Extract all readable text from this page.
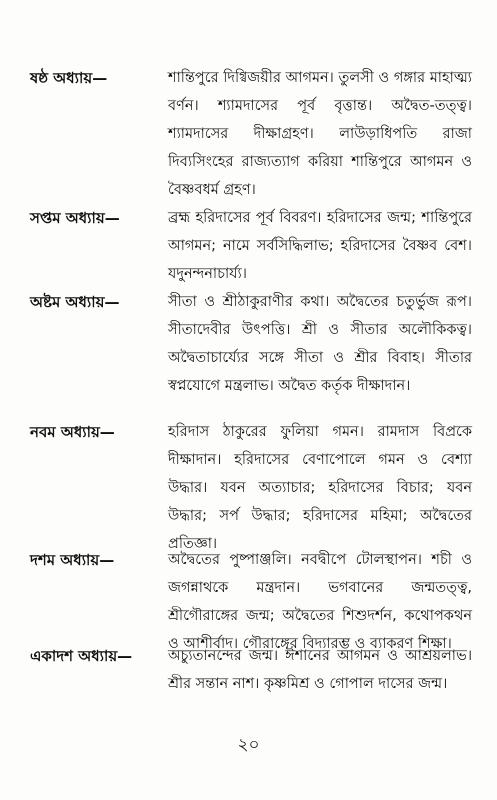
ষষ্ঠ অধ্যায়—	শান্তিপুরে দিগ্বিজয়ীর আগমন। তুলসী ও গঙ্গার মাহাত্ম্য বর্ণন। শ্যামদাসের পূর্ব বৃত্তান্ত। অদ্বৈত-তত্ত্ব। শ্যামদাসের দীক্ষাগ্রহণ। লাউড়াধিপতি রাজা দিব্যসিংহের রাজ্যত্যাগ করিয়া শান্তিপুরে আগমন ও বৈষ্ণবধর্ম গ্রহণ।
সপ্তম অধ্যায়—	ব্রহ্ম হরিদাসের পূর্ব বিবরণ। হরিদাসের জন্ম; শান্তিপুরে আগমন; নামে সর্বসিদ্ধিলাভ; হরিদাসের বৈষ্ণব বেশ। যদুনন্দনাচার্য্য।
অষ্টম অধ্যায়—	সীতা ও শ্রীঠাকুরাণীর কথা। অদ্বৈতের চতুর্ভুজ রূপ। সীতাদেবীর উৎপত্তি। শ্রী ও সীতার অলৌকিকত্ব। অদ্বৈতাচার্য্যের সঙ্গে সীতা ও শ্রীর বিবাহ। সীতার স্বপ্নযোগে মন্ত্রলাভ। অদ্বৈত কর্তৃক দীক্ষাদান।
নবম অধ্যায়—	হরিদাস ঠাকুরের ফুলিয়া গমন। রামদাস বিপ্রকে দীক্ষাদান। হরিদাসের বেণাপোলে গমন ও বেশ্যা উদ্ধার। যবন অত্যাচার; হরিদাসের বিচার; যবন উদ্ধার; সর্প উদ্ধার; হরিদাসের মহিমা; অদ্বৈতের প্রতিজ্ঞা।
দশম অধ্যায়—	অদ্বৈতের পুষ্পাঞ্জলি। নবদ্বীপে টোলস্থাপন। শচী ও জগন্নাথকে মন্ত্রদান। ভগবানের জন্মতত্ত্ব, শ্রীগৌরাঙ্গের জন্ম; অদ্বৈতের শিশুদর্শন, কথোপকথন ও আশীর্বাদ। গৌরাঙ্গের বিদ্যারম্ভ ও ব্যাকরণ শিক্ষা।
একাদশ অধ্যায়— অচ্যুতানন্দের জন্ম। ঈশানের আগমন ও আশ্রয়লাভ। শ্রীর সন্তান নাশ। কৃষ্ণমিশ্র ও গোপাল দাসের জন্ম।
২০
